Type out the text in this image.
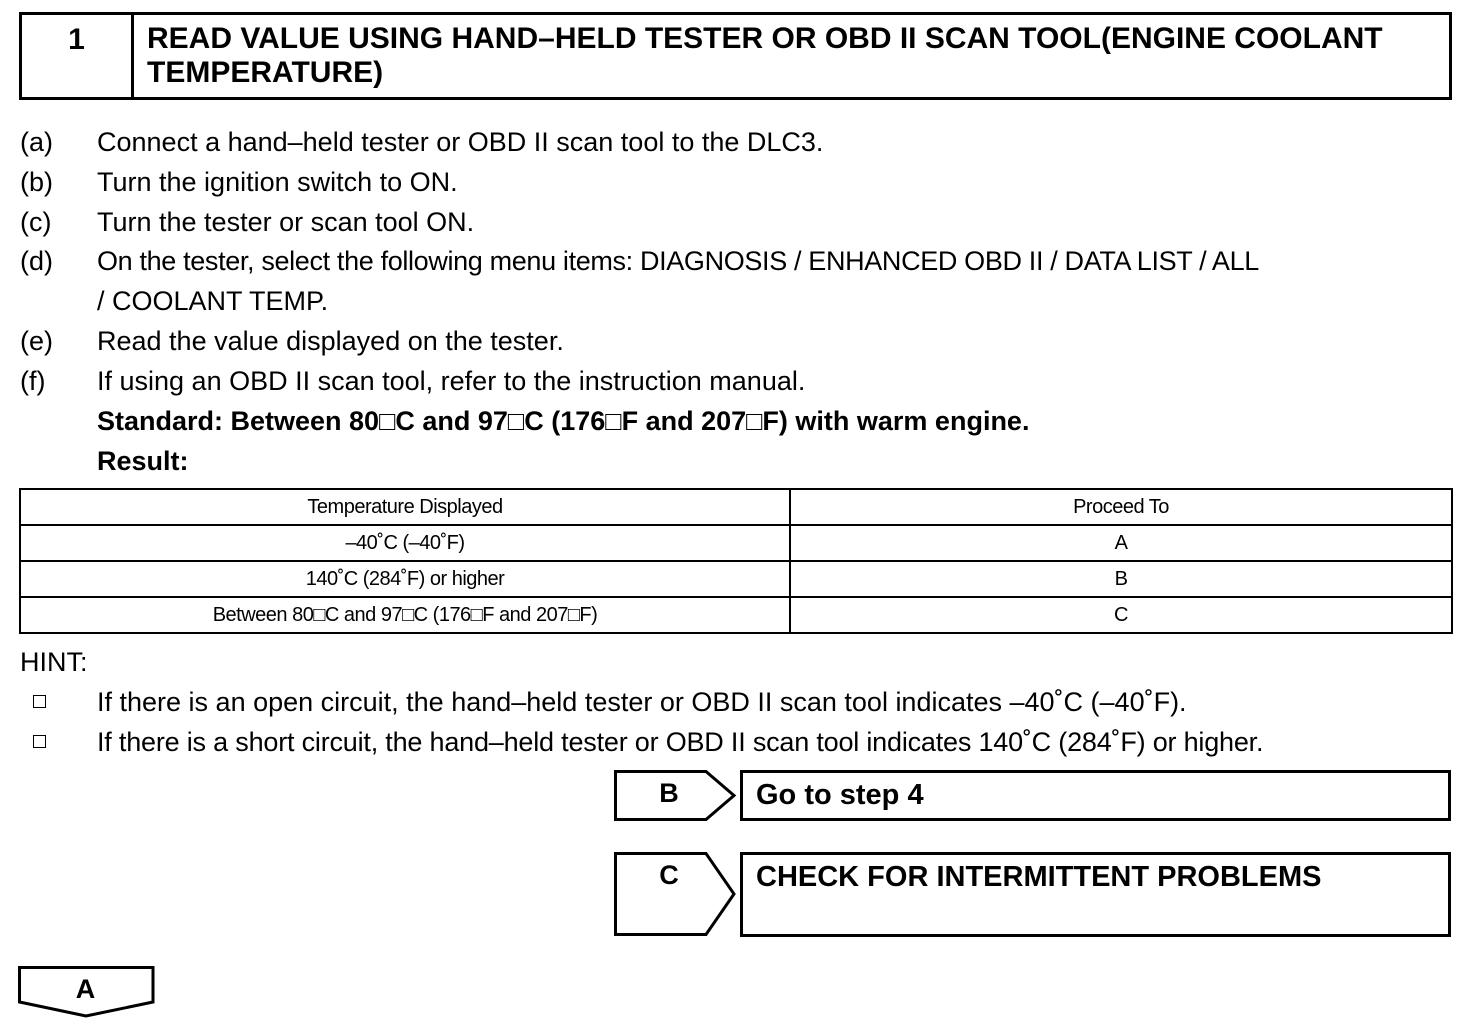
1	READ VALUE USING HAND–HELD TESTER OR OBD II SCAN TOOL(ENGINE COOLANT TEMPERATURE)
(a) Connect a hand–held tester or OBD II scan tool to the DLC3.
(b) Turn the ignition switch to ON.
(c) Turn the tester or scan tool ON.
(d) On the tester, select the following menu items: DIAGNOSIS / ENHANCED OBD II / DATA LIST / ALL
/ COOLANT TEMP.
(e) Read the value displayed on the tester.
(f) If using an OBD II scan tool, refer to the instruction manual.
Standard: Between 80□C and 97□C (176□F and 207□F) with warm engine.
Result:
Temperature Displayed	Proceed To
–40˚C (–40˚F)	A
140˚C (284˚F) or higher	B
Between 80□C and 97□C (176□F and 207□F)	C
HINT:
If there is an open circuit, the hand–held tester or OBD II scan tool indicates –40˚C (–40˚F).
If there is a short circuit, the hand–held tester or OBD II scan tool indicates 140˚C (284˚F) or higher.
B	Go to step 4
C	CHECK FOR INTERMITTENT PROBLEMS
A
